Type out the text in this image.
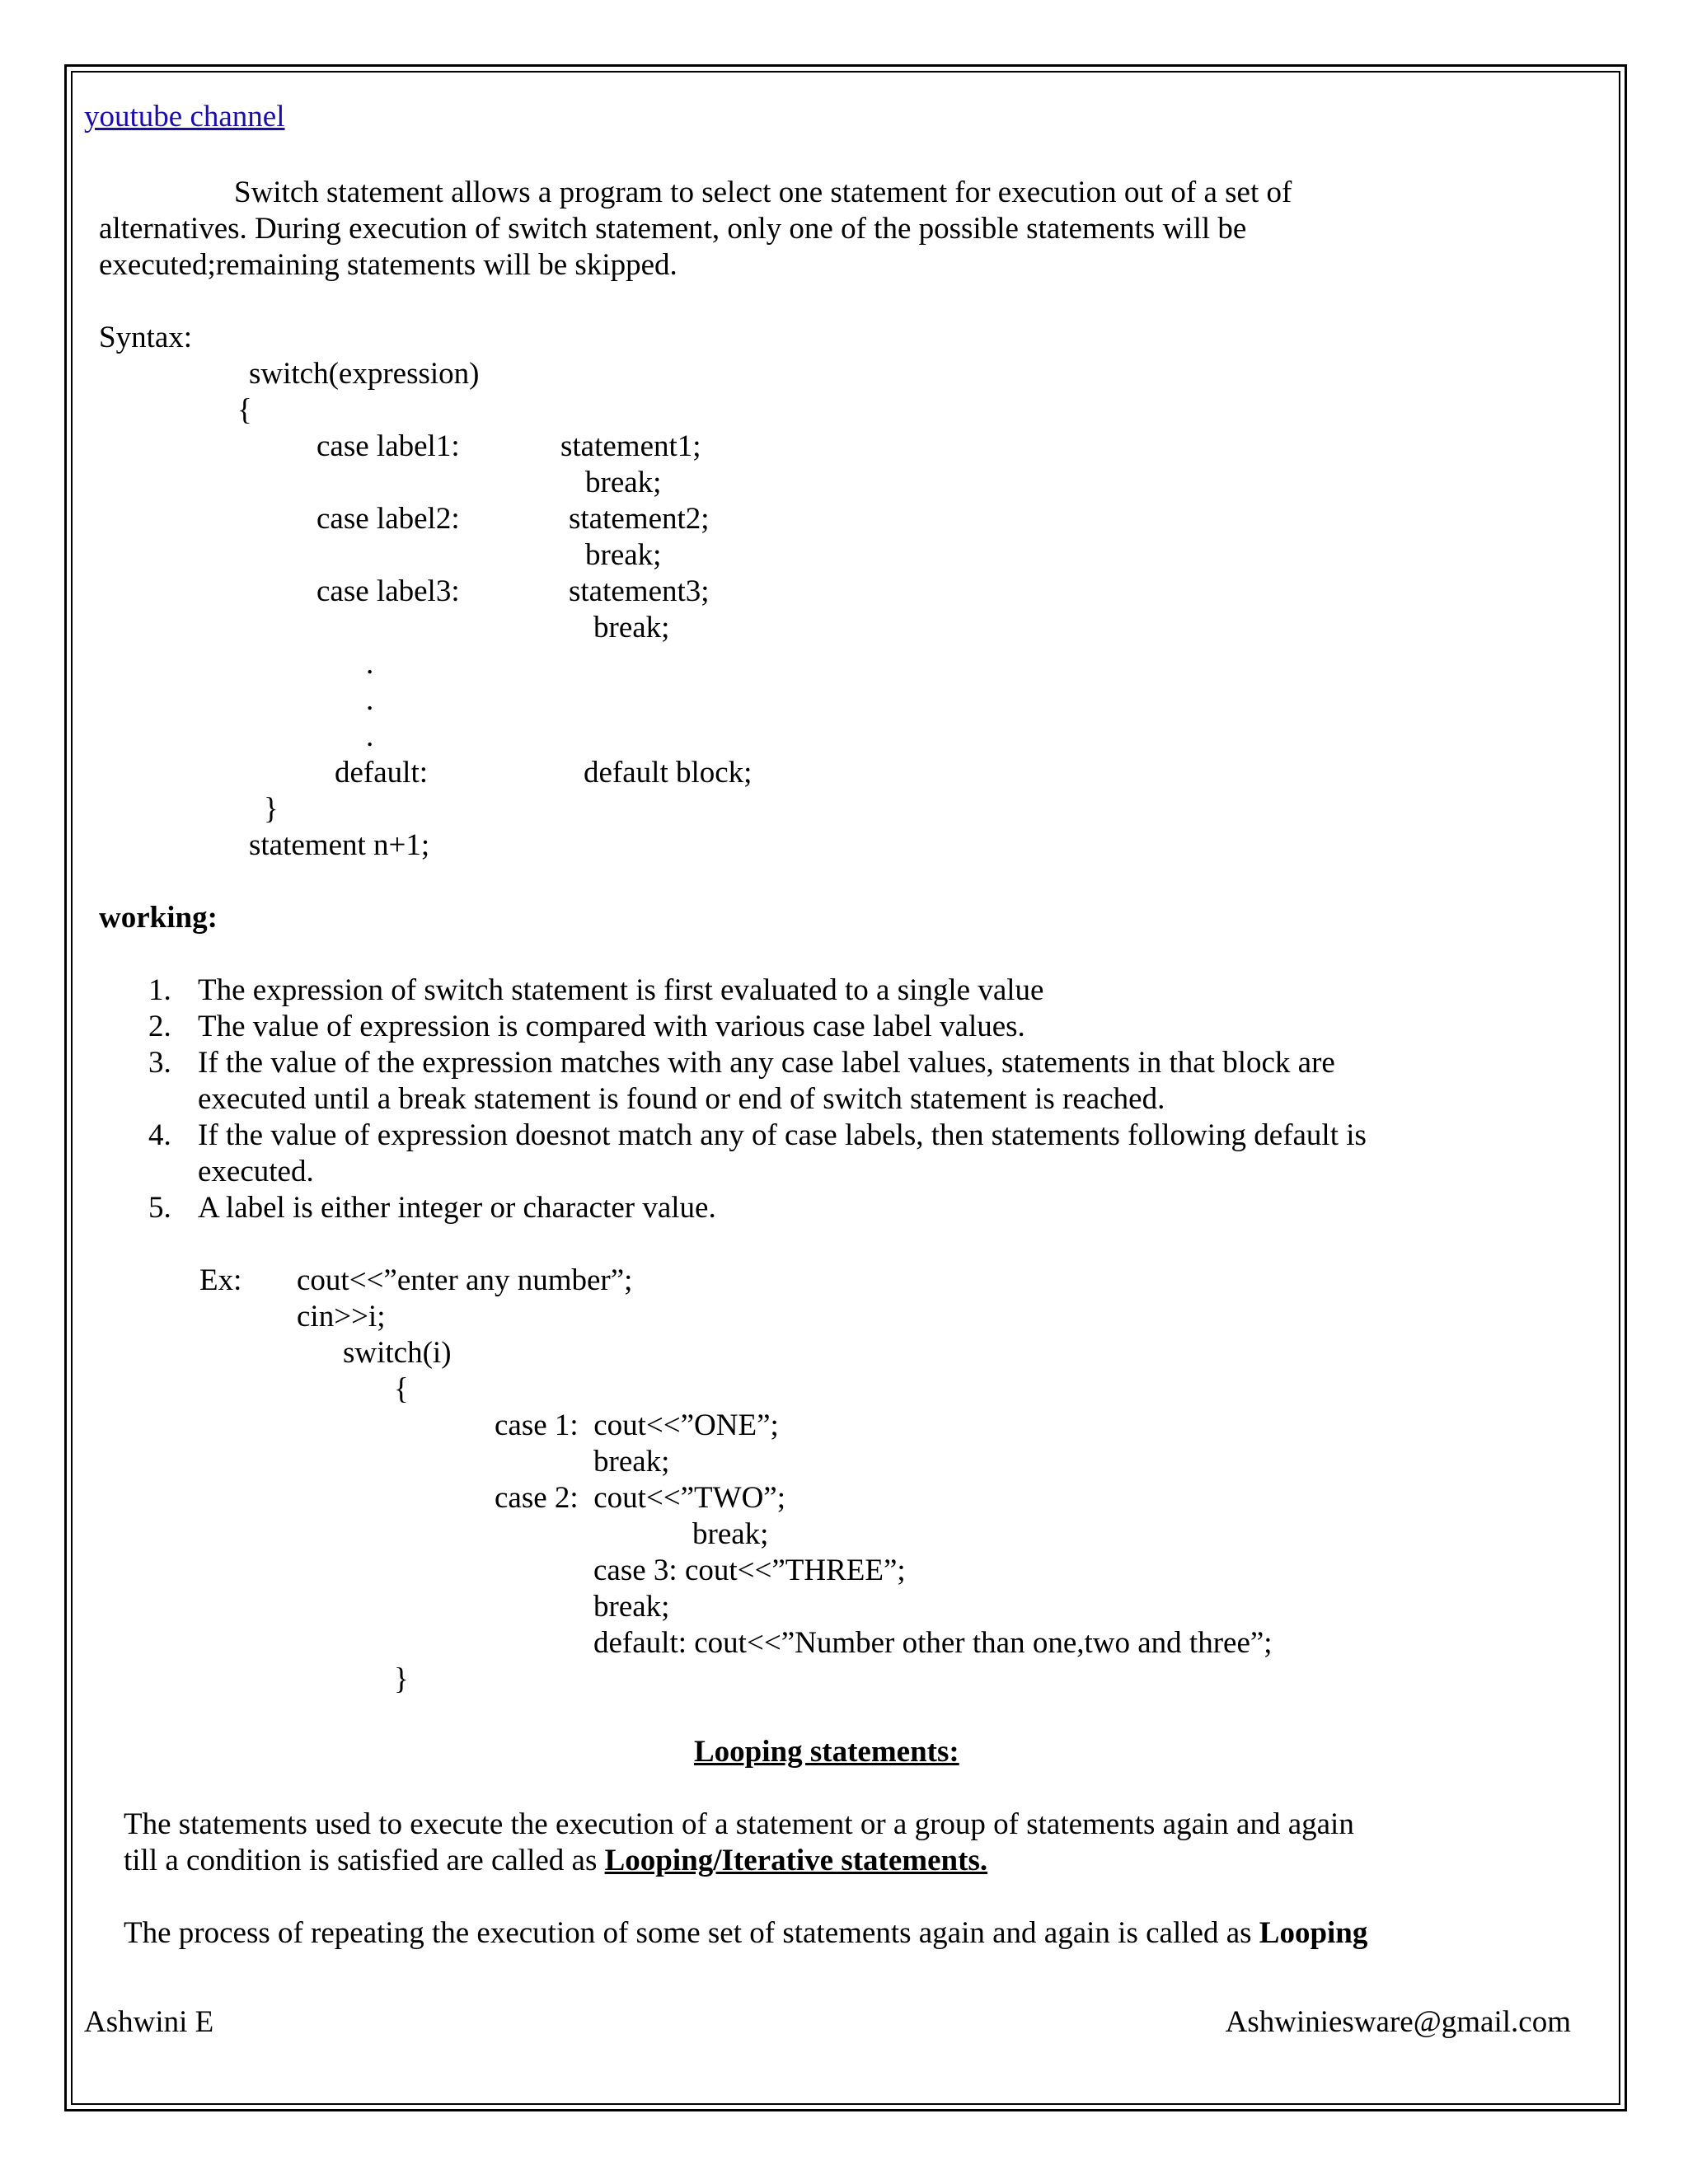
youtube channel
Switch statement allows a program to select one statement for execution out of a set of
alternatives. During execution of switch statement, only one of the possible statements will be
executed;remaining statements will be skipped.
Syntax:
switch(expression)
{
case label1:	statement1;
break;
case label2:	statement2;
break;
case label3:	statement3;
break;
.
.
.
default:	default block;
}
statement n+1;
working:
1. The expression of switch statement is first evaluated to a single value
2. The value of expression is compared with various case label values.
3. If the value of the expression matches with any case label values, statements in that block are
executed until a break statement is found or end of switch statement is reached.
4. If the value of expression doesnot match any of case labels, then statements following default is
executed.
5. A label is either integer or character value.
Ex: cout<<”enter any number”;
cin>>i;
switch(i)
{
case 1:  cout<<”ONE”;
break;
case 2:  cout<<”TWO”;
break;
case 3: cout<<”THREE”;
break;
default: cout<<”Number other than one,two and three”;
}
Looping statements:
The statements used to execute the execution of a statement or a group of statements again and again
till a condition is satisfied are called as Looping/Iterative statements.
The process of repeating the execution of some set of statements again and again is called as Looping
Ashwini E	Ashwiniesware@gmail.com
